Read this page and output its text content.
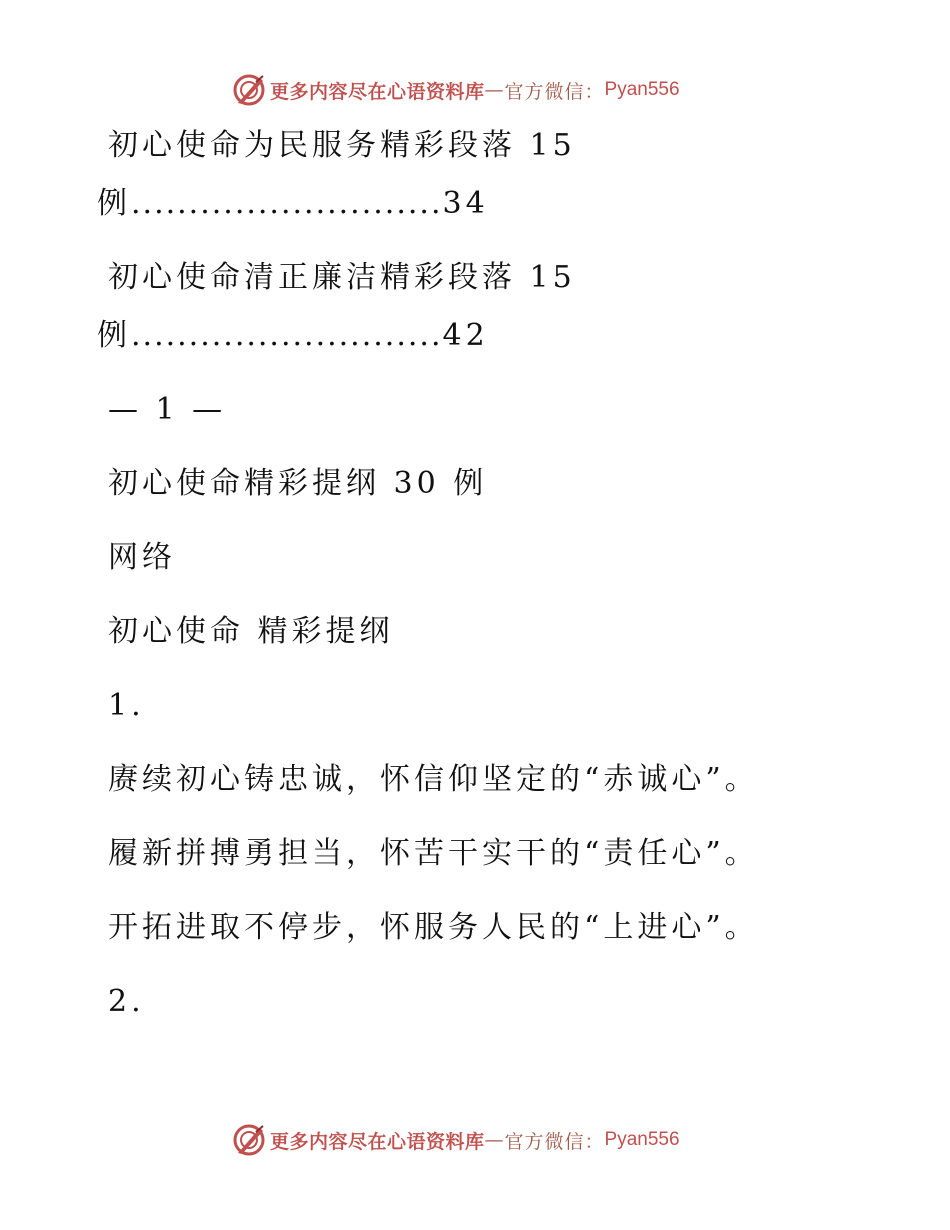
更多内容尽在心语资料库 — 官方微信： Pyan556
初心使命为民服务精彩段落 15
例...........................34
初心使命清正廉洁精彩段落 15
例...........................42
— 1 —
初心使命精彩提纲 30 例
网络
初心使命 精彩提纲
1.
赓续初心铸忠诚，怀信仰坚定的“赤诚心”。
履新拼搏勇担当，怀苦干实干的“责任心”。
开拓进取不停步，怀服务人民的“上进心”。
2.
更多内容尽在心语资料库 — 官方微信： Pyan556
